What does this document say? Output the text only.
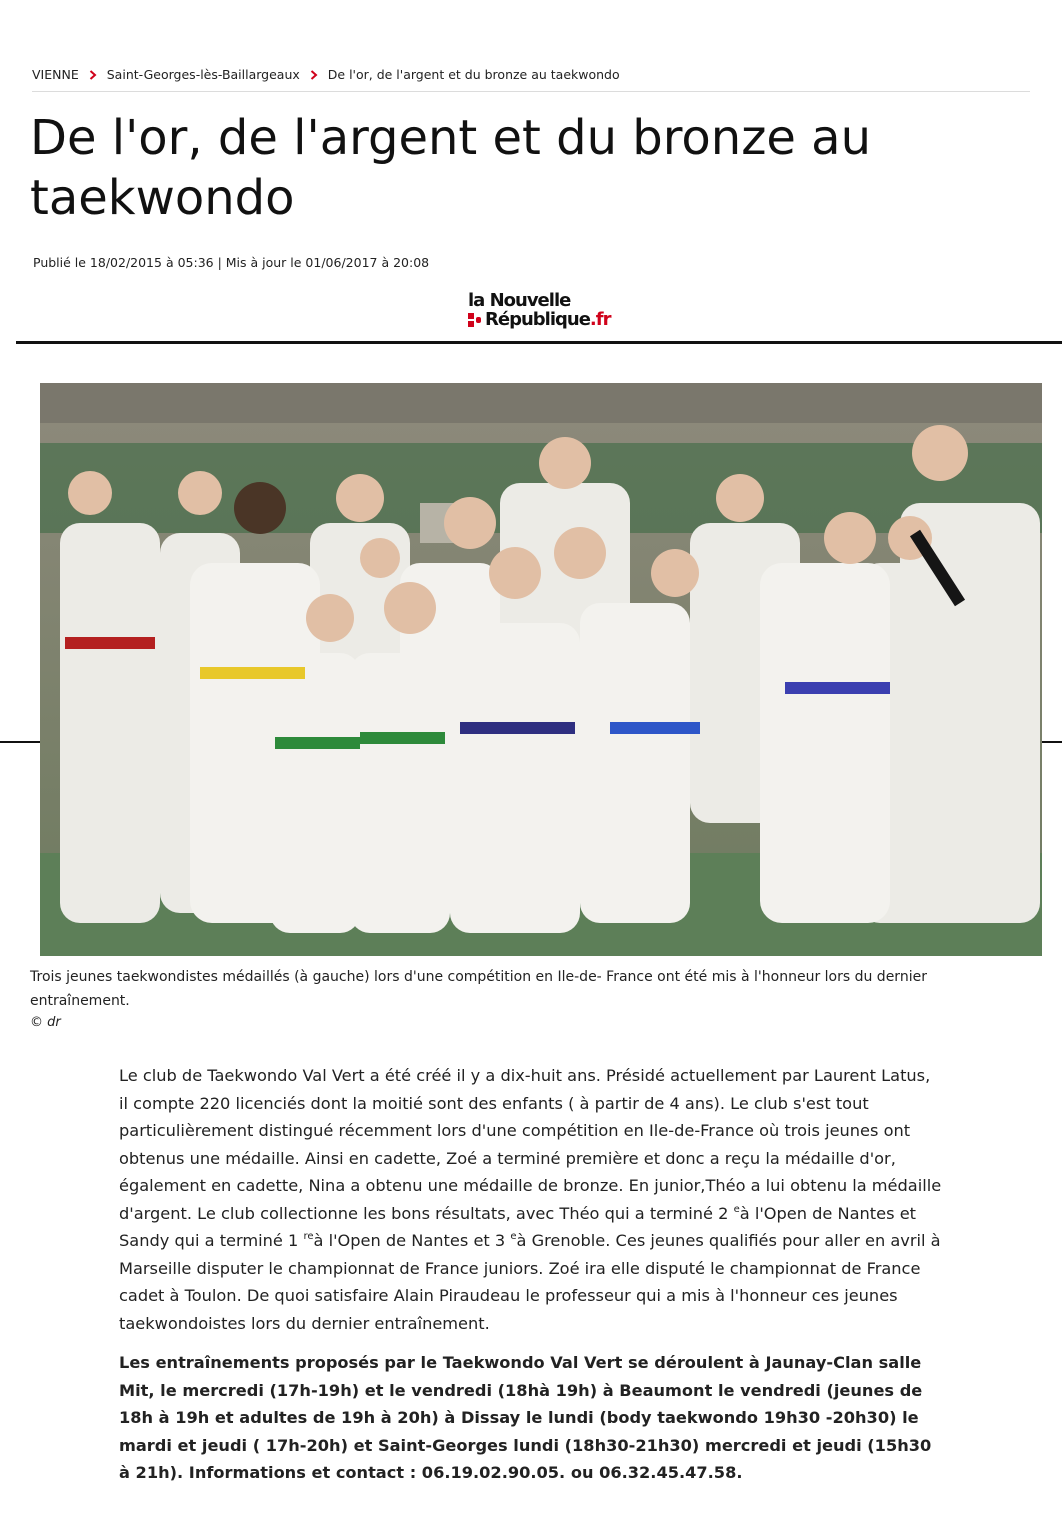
VIENNE Saint-Georges-lès-Baillargeaux De l'or, de l'argent et du bronze au taekwondo
De l'or, de l'argent et du bronze au taekwondo
Publié le 18/02/2015 à 05:36 | Mis à jour le 01/06/2017 à 20:08
la Nouvelle
République.fr
Trois jeunes taekwondistes médaillés (à gauche) lors d'une compétition en Ile-de- France ont été mis à l'honneur lors du dernier entraînement.
© dr

Le club de Taekwondo Val Vert a été créé il y a dix-huit ans. Présidé actuellement par Laurent Latus, il compte 220 licenciés dont la moitié sont des enfants ( à partir de 4 ans). Le club s'est tout particulièrement distingué récemment lors d'une compétition en Ile-de-France où trois jeunes ont obtenus une médaille. Ainsi en cadette, Zoé a terminé première et donc a reçu la médaille d'or, également en cadette, Nina a obtenu une médaille de bronze. En junior,Théo a lui obtenu la médaille d'argent. Le club collectionne les bons résultats, avec Théo qui a terminé 2 $^e$à l'Open de Nantes et Sandy qui a terminé 1 $^{re}$à l'Open de Nantes et 3 $^e$à Grenoble. Ces jeunes qualifiés pour aller en avril à Marseille disputer le championnat de France juniors. Zoé ira elle disputé le championnat de France cadet à Toulon. De quoi satisfaire Alain Piraudeau le professeur qui a mis à l'honneur ces jeunes taekwondoistes lors du dernier entraînement.

Les entraînements proposés par le Taekwondo Val Vert se déroulent à Jaunay-Clan salle Mit, le mercredi (17h-19h) et le vendredi (18hà 19h) à Beaumont le vendredi (jeunes de 18h à 19h et adultes de 19h à 20h) à Dissay le lundi (body taekwondo 19h30 -20h30) le mardi et jeudi ( 17h-20h) et Saint-Georges lundi (18h30-21h30) mercredi et jeudi (15h30 à 21h). Informations et contact : 06.19.02.90.05. ou 06.32.45.47.58.
